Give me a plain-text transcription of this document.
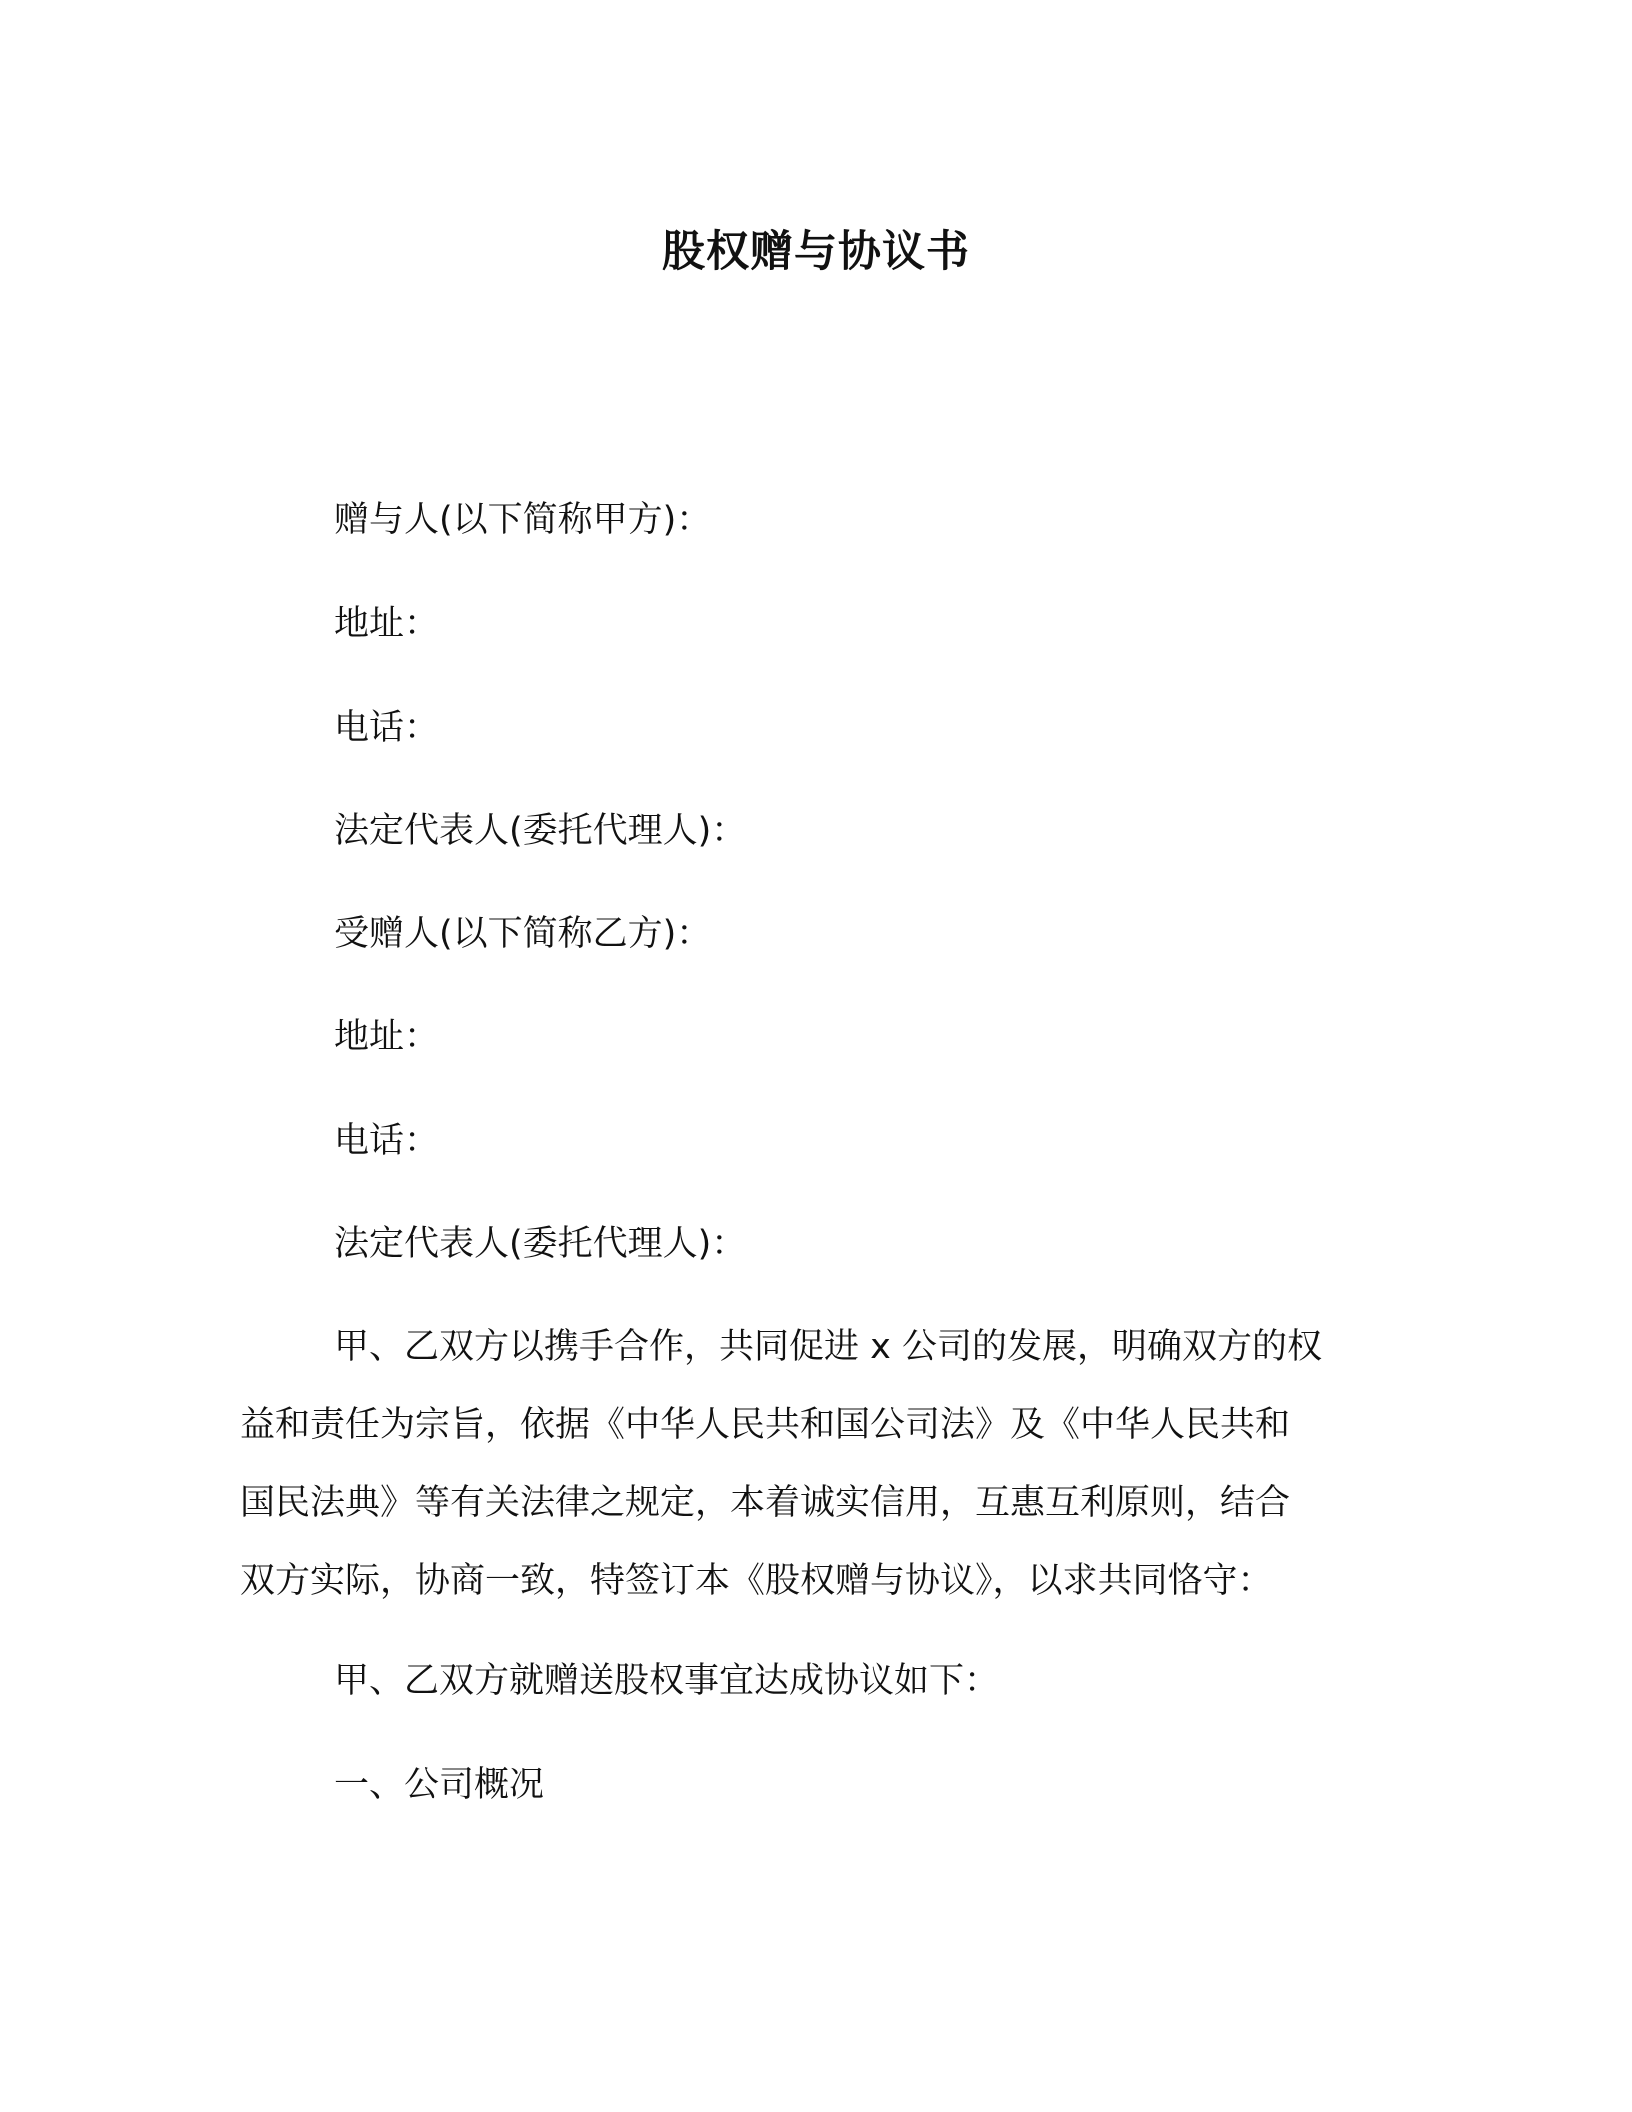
股权赠与协议书
赠与人(以下简称甲方)：
地址：
电话：
法定代表人(委托代理人)：
受赠人(以下简称乙方)：
地址：
电话：
法定代表人(委托代理人)：
甲、乙双方以携手合作，共同促进 x 公司的发展，明确双方的权
益和责任为宗旨，依据《中华人民共和国公司法》及《中华人民共和
国民法典》等有关法律之规定，本着诚实信用，互惠互利原则，结合
双方实际，协商一致，特签订本《股权赠与协议》，以求共同恪守：
甲、乙双方就赠送股权事宜达成协议如下：
一、公司概况
